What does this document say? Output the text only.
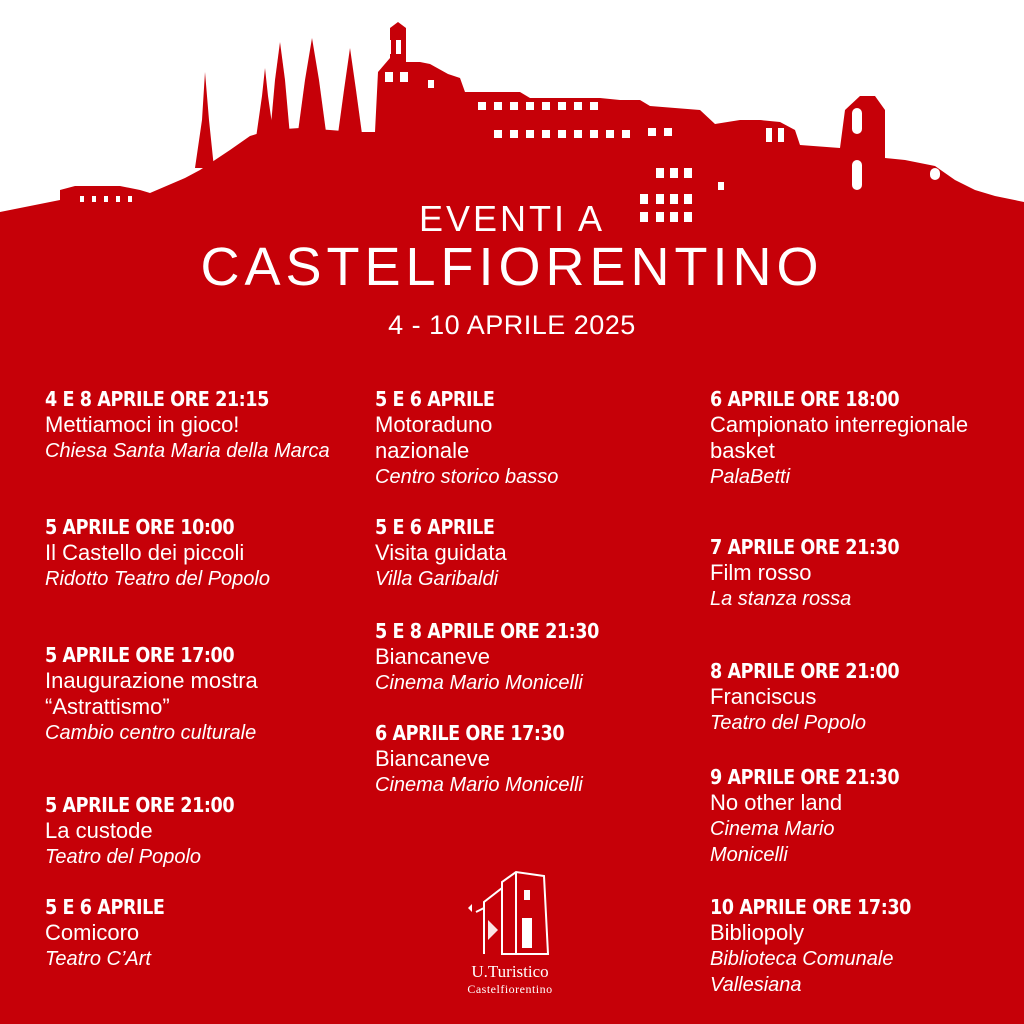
EVENTI A
CASTELFIORENTINO
4 - 10 APRILE 2025
4 E 8 APRILE ORE 21:15
Mettiamoci in gioco!
Chiesa Santa Maria della Marca
5 APRILE ORE 10:00
Il Castello dei piccoli
Ridotto Teatro del Popolo
5 APRILE ORE 17:00
Inaugurazione mostra “Astrattismo”
Cambio centro culturale
5 APRILE ORE 21:00
La custode
Teatro del Popolo
5 E 6 APRILE
Comicoro
Teatro C’Art
5 E 6 APRILE
Motoraduno nazionale
Centro storico basso
5 E 6 APRILE
Visita guidata
Villa Garibaldi
5 E 8 APRILE ORE 21:30
Biancaneve
Cinema Mario Monicelli
6 APRILE ORE 17:30
Biancaneve
Cinema Mario Monicelli
6 APRILE ORE 18:00
Campionato interregionale basket
PalaBetti
7 APRILE ORE 21:30
Film rosso
La stanza rossa
8 APRILE ORE 21:00
Franciscus
Teatro del Popolo
9 APRILE ORE 21:30
No other land
Cinema Mario Monicelli
10 APRILE ORE 17:30
Bibliopoly
Biblioteca Comunale Vallesiana
U.Turistico
Castelfiorentino
